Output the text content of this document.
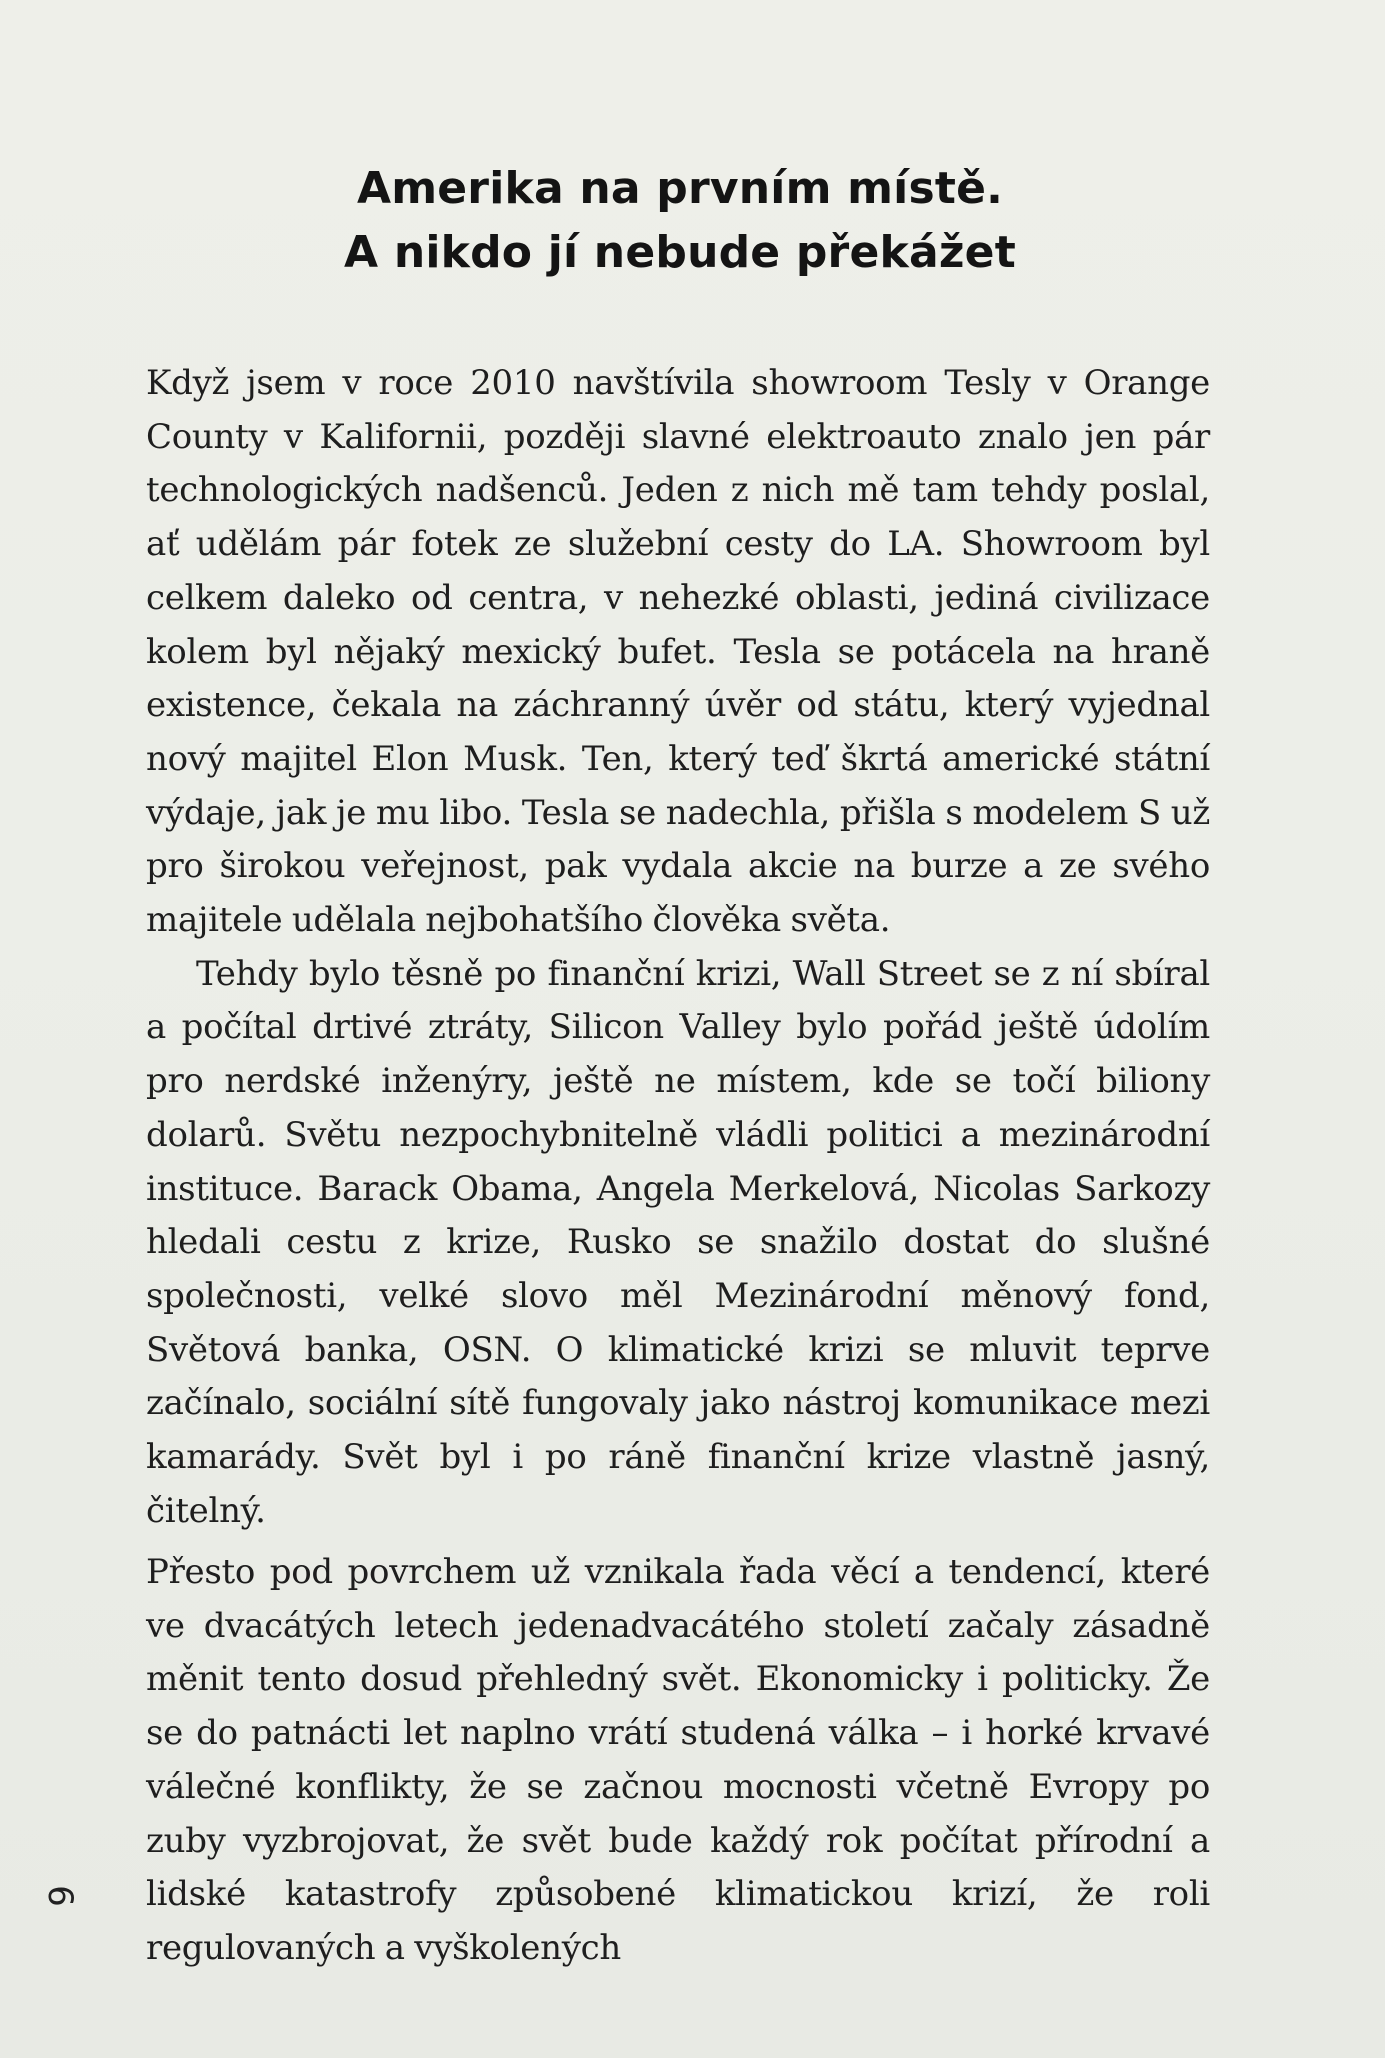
Amerika na prvním místě.
A nikdo jí nebude překážet

Když jsem v roce 2010 navštívila showroom Tesly v Orange County v Kalifornii, později slavné elektroauto znalo jen pár technologických nadšenců. Jeden z nich mě tam tehdy poslal, ať udělám pár fotek ze služební cesty do LA. Showroom byl celkem daleko od centra, v nehezké oblasti, jediná civilizace kolem byl nějaký mexický bufet. Tesla se potácela na hraně existence, čekala na záchranný úvěr od státu, který vyjednal nový majitel Elon Musk. Ten, který teď škrtá americké státní výdaje, jak je mu libo. Tesla se nadechla, přišla s modelem S už pro širokou veřejnost, pak vydala akcie na burze a ze svého majitele udělala nejbohatšího člověka světa.

Tehdy bylo těsně po finanční krizi, Wall Street se z ní sbíral a počítal drtivé ztráty, Silicon Valley bylo pořád ještě údolím pro nerdské inženýry, ještě ne místem, kde se točí biliony dolarů. Světu nezpochybnitelně vládli politici a mezinárodní instituce. Barack Obama, Angela Merkelová, Nicolas Sarkozy hledali cestu z krize, Rusko se snažilo dostat do slušné společnosti, velké slovo měl Mezinárodní měnový fond, Světová banka, OSN. O klimatické krizi se mluvit teprve začínalo, sociální sítě fungovaly jako nástroj komunikace mezi kamarády. Svět byl i po ráně finanční krize vlastně jasný, čitelný.

Přesto pod povrchem už vznikala řada věcí a tendencí, které ve dvacátých letech jedenadvacátého století začaly zásadně měnit tento dosud přehledný svět. Ekonomicky i politicky. Že se do patnácti let naplno vrátí studená válka – i horké krvavé válečné konflikty, že se začnou mocnosti včetně Evropy po zuby vyzbrojovat, že svět bude každý rok počítat přírodní a lidské katastrofy způsobené klimatickou krizí, že roli regulovaných a vyškolených

6
